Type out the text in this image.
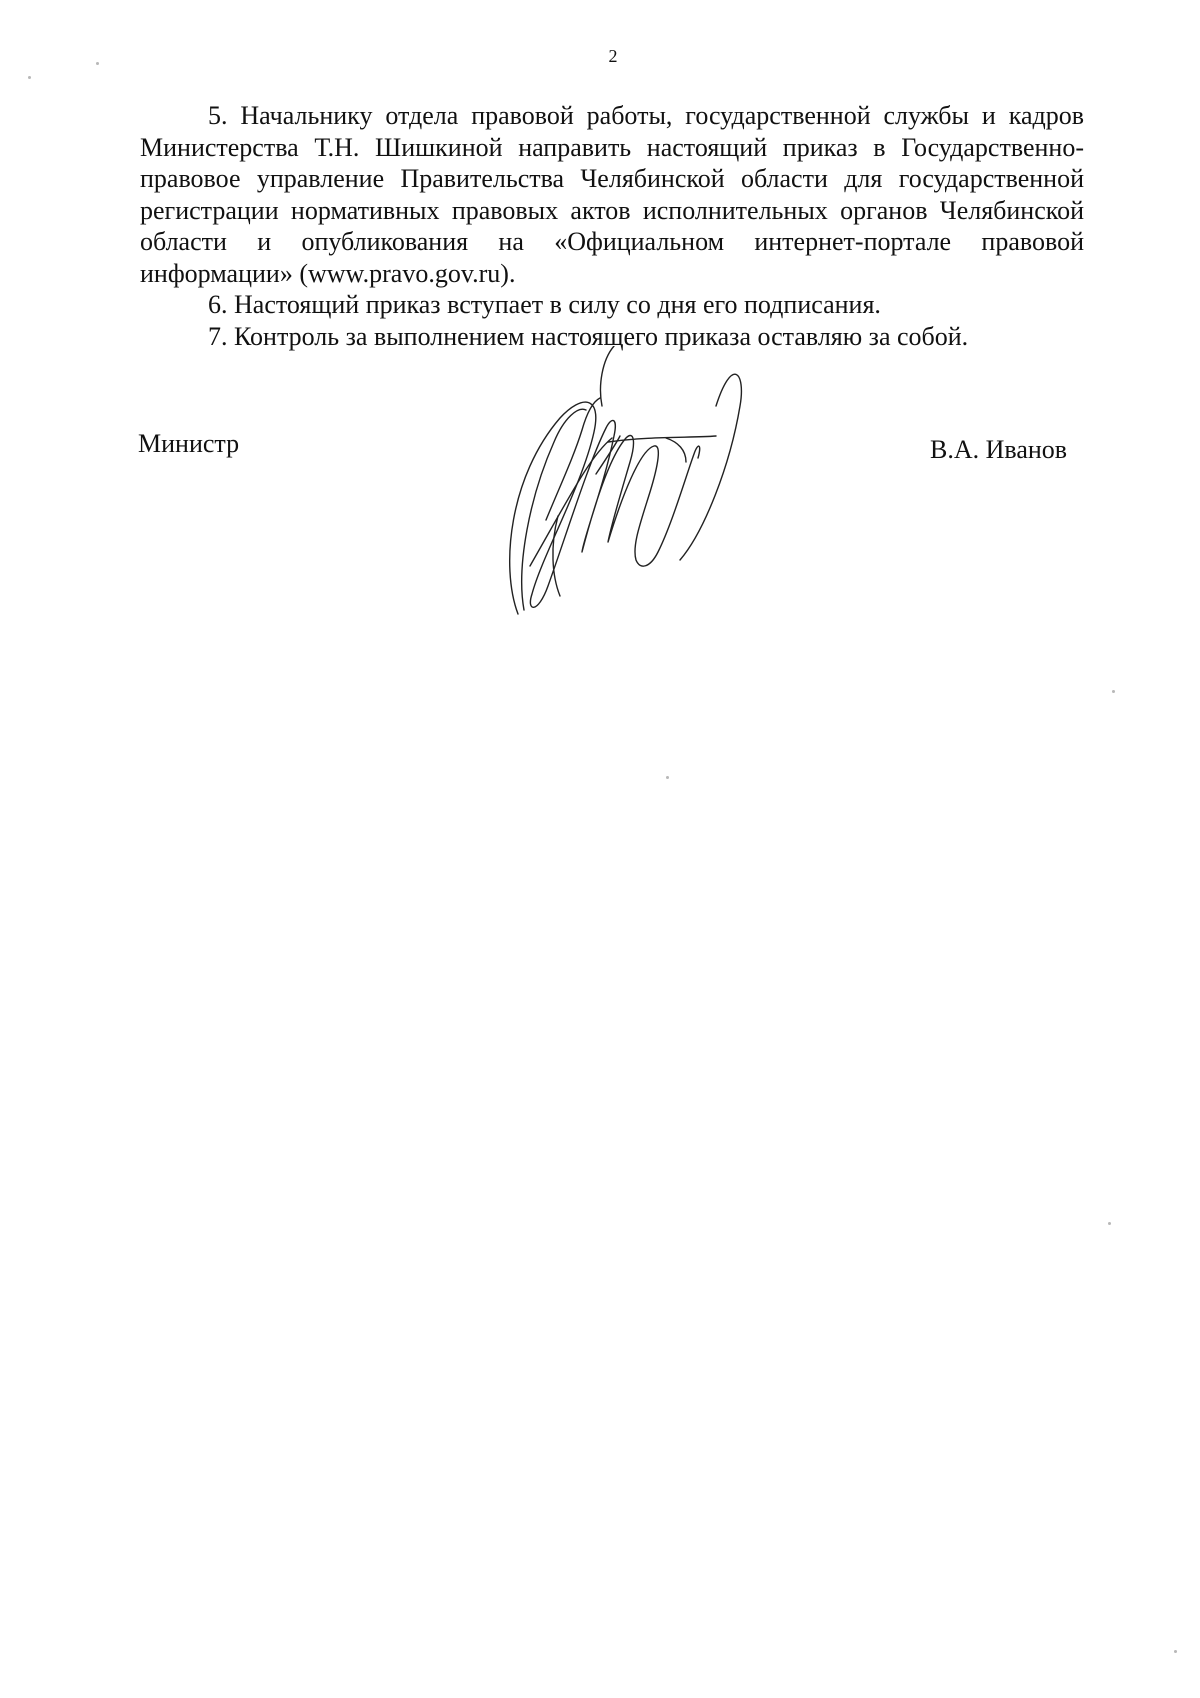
2

5. Начальнику отдела правовой работы, государственной службы и кадров Министерства Т.Н. Шишкиной направить настоящий приказ в Государственно-правовое управление Правительства Челябинской области для государственной регистрации нормативных правовых актов исполнительных органов Челябинской области и опубликования на «Официальном интернет-портале правовой информации» (www.pravo.gov.ru).

6. Настоящий приказ вступает в силу со дня его подписания.

7. Контроль за выполнением настоящего приказа оставляю за собой.

Министр	В.А. Иванов
